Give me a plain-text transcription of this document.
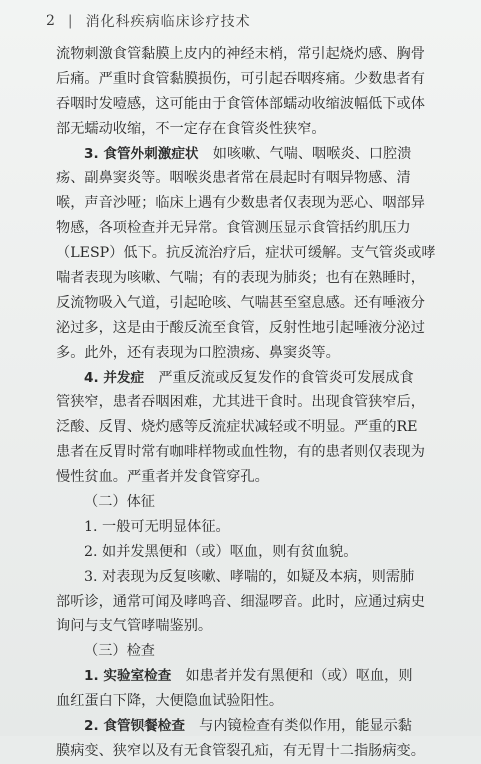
2 | 消化科疾病临床诊疗技术
流物刺激食管黏膜上皮内的神经末梢，常引起烧灼感、胸骨
后痛。严重时食管黏膜损伤，可引起吞咽疼痛。少数患者有
吞咽时发噎感，这可能由于食管体部蠕动收缩波幅低下或体
部无蠕动收缩，不一定存在食管炎性狭窄。
3. 食管外刺激症状　 如咳嗽、气喘、咽喉炎、口腔溃
疡、副鼻窦炎等。咽喉炎患者常在晨起时有咽异物感、清
喉，声音沙哑；临床上遇有少数患者仅表现为恶心、咽部异
物感，各项检查并无异常。食管测压显示食管括约肌压力
（LESP）低下。抗反流治疗后，症状可缓解。支气管炎或哮
喘者表现为咳嗽、气喘；有的表现为肺炎；也有在熟睡时，
反流物吸入气道，引起呛咳、气喘甚至窒息感。还有唾液分
泌过多，这是由于酸反流至食管，反射性地引起唾液分泌过
多。此外，还有表现为口腔溃疡、鼻窦炎等。
4. 并发症　 严重反流或反复发作的食管炎可发展成食
管狭窄，患者吞咽困难，尤其进干食时。出现食管狭窄后，
泛酸、反胃、烧灼感等反流症状减轻或不明显。严重的RE
患者在反胃时常有咖啡样物或血性物，有的患者则仅表现为
慢性贫血。严重者并发食管穿孔。
（二）体征
1. 一般可无明显体征。
2. 如并发黑便和（或）呕血，则有贫血貌。
3. 对表现为反复咳嗽、哮喘的，如疑及本病，则需肺
部听诊，通常可闻及哮鸣音、细湿啰音。此时，应通过病史
询问与支气管哮喘鉴别。
（三）检查
1. 实验室检查　 如患者并发有黑便和（或）呕血，则
血红蛋白下降，大便隐血试验阳性。
2. 食管钡餐检查　 与内镜检查有类似作用，能显示黏
膜病变、狭窄以及有无食管裂孔疝，有无胃十二指肠病变。
